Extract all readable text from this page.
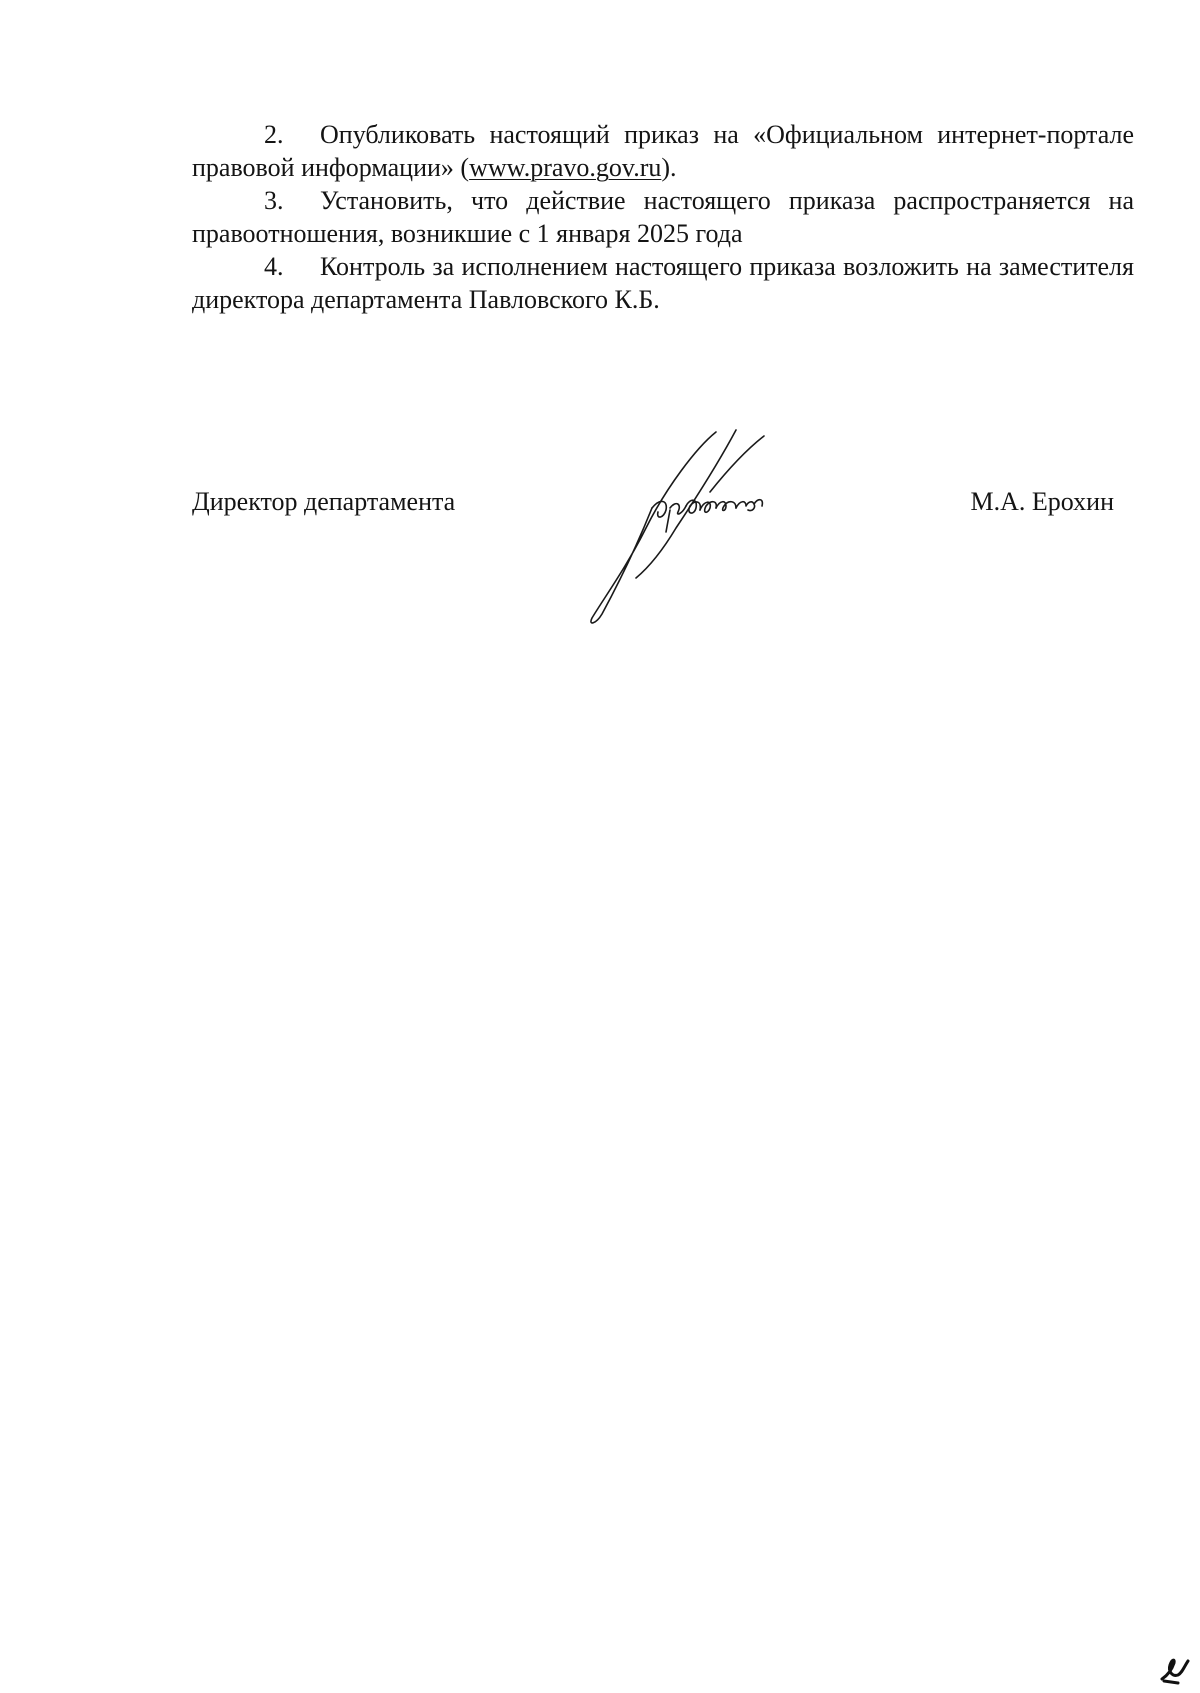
2. Опубликовать настоящий приказ на «Официальном интернет-портале правовой информации» (www.pravo.gov.ru).

3. Установить, что действие настоящего приказа распространяется на правоотношения, возникшие с 1 января 2025 года

4. Контроль за исполнением настоящего приказа возложить на заместителя директора департамента Павловского К.Б.

Директор департамента	М.А. Ерохин
